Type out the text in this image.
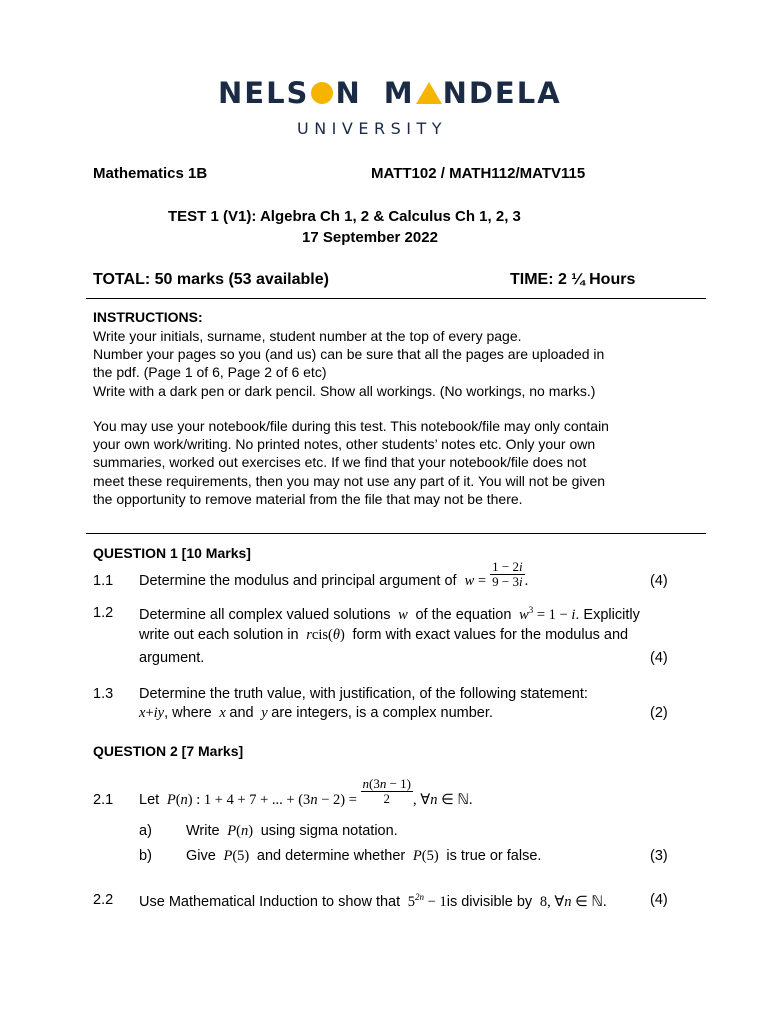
NELS N M NDELA
UNIVERSITY
Mathematics 1B	MATT102 / MATH112/MATV115
TEST 1 (V1): Algebra Ch 1, 2 & Calculus Ch 1, 2, 3
17 September 2022
TOTAL: 50 marks (53 available)	TIME: 2 ¼ Hours
INSTRUCTIONS:
Write your initials, surname, student number at the top of every page.
Number your pages so you (and us) can be sure that all the pages are uploaded in
the pdf. (Page 1 of 6, Page 2 of 6 etc)
Write with a dark pen or dark pencil. Show all workings. (No workings, no marks.)
You may use your notebook/file during this test. This notebook/file may only contain
your own work/writing. No printed notes, other students’ notes etc. Only your own
summaries, worked out exercises etc. If we find that your notebook/file does not
meet these requirements, then you may not use any part of it. You will not be given
the opportunity to remove material from the file that may not be there.
QUESTION 1 [10 Marks]
1.1 Determine the modulus and principal argument of $w = \frac{1 - 2i}{9 - 3i}$ .	(4)
1.2 Determine all complex valued solutions  w  of the equation  $w^3 = 1 - i$. Explicitly
write out each solution in  rcis(θ)  form with exact values for the modulus and
argument.	(4)
1.3 Determine the truth value, with justification, of the following statement:
x+iy, where  x and  y are integers, is a complex number.	(2)
QUESTION 2 [7 Marks]
2.1 Let  P(n) : 1 + 4 + 7 + ... + $(3n - 2) = \frac{n(3n - 1)}{2}$ , ∀n ∈ ℕ.
a) Write  P(n)  using sigma notation.
b) Give  P(5)  and determine whether  P(5)  is true or false.	(3)
2.2 Use Mathematical Induction to show that  $5^{2n} - 1is$ divisible by  8, ∀n ∈ ℕ.	(4)
